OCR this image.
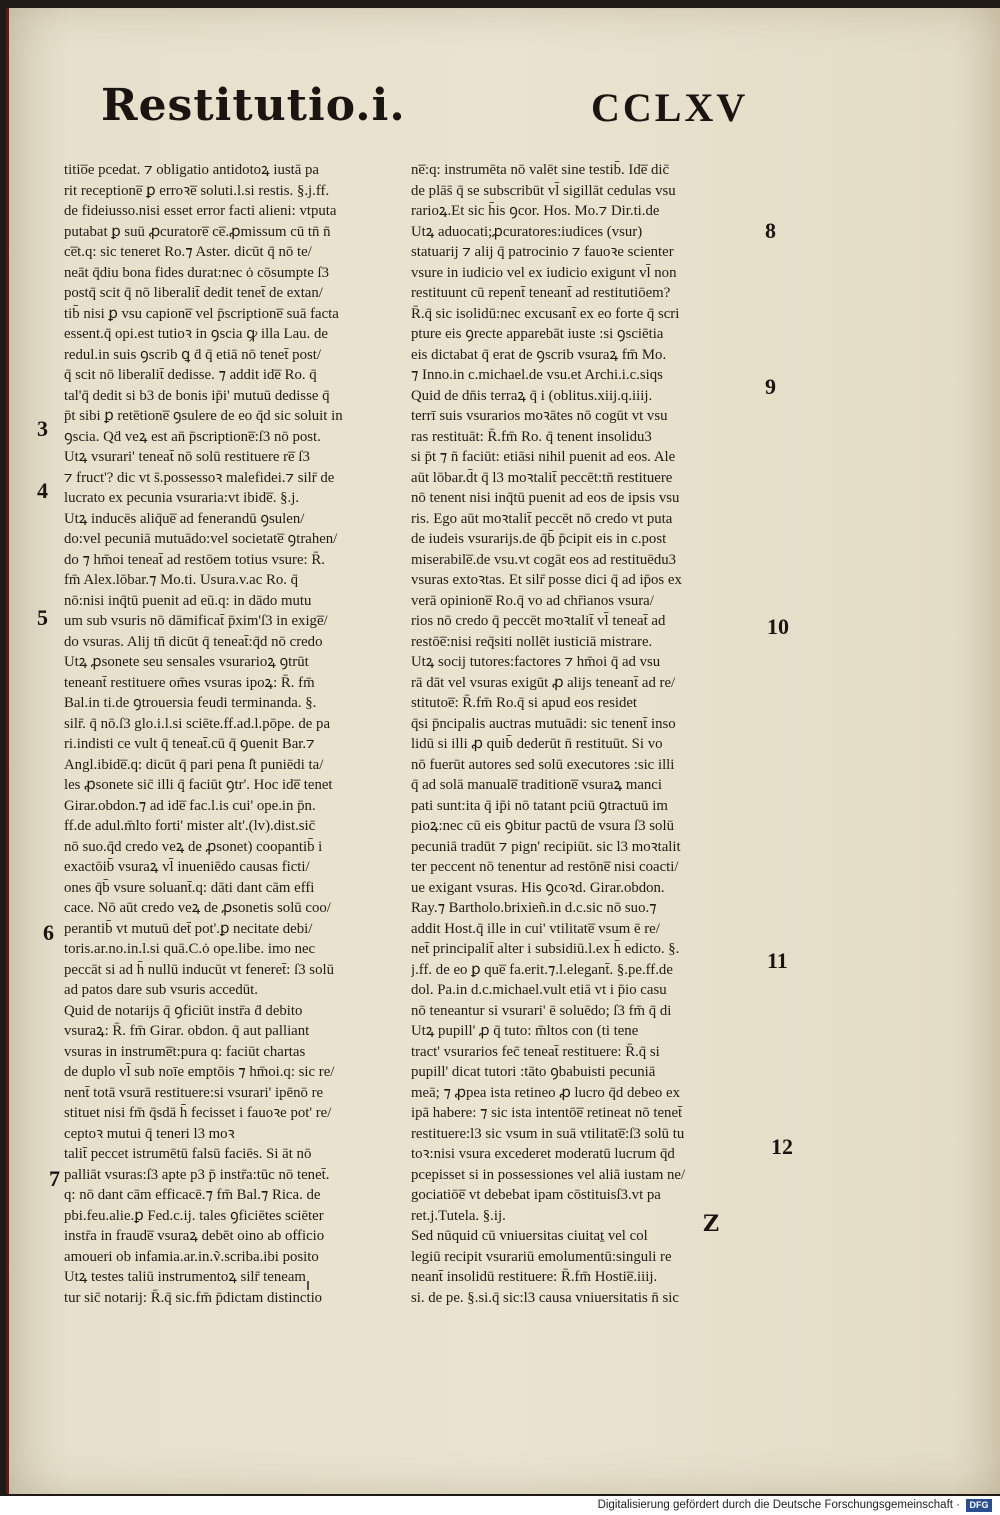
Restitutio.i.	CCLXV
titio̅e pcedat. ⁊ obligatio antidotoꝝ iustā pa
rit receptione̅ ꝑ erroꝛe̅ soluti.l.si restis. §.j.ff.
de fideiusso.nisi esset error facti alieni: vtputa
putabat ꝑ suū ꝓcuratore̅ ce̅.ꝓmissum cū tn̄ n̄
ce̅t.q: sic teneret Ro.⁊ Aster. dicūt q̄ nō te/
neāt q̄diu bona fides durat:nec ȯ cōsumpte ſ3
postq̄ scit q̄ nō liberalit̄ dedit tenet̄ de extan/
tib̄ nisi ꝑ vsu capione̅ vel p̄scriptione̅ suā facta
essent.q̄ opi.est tutioꝛ in ꝯscia ꝙ illa Lau. de
redul.in suis ꝯscrib ꝗ ḋ q̄ etiā nō tenet̄ post/
q̄ scit nō liberalit̄ dedisse. ⁊ addit ide̅ Ro. q̄
tal'q̄ dedit si b3 de bonis ip̄i' mutuū dedisse q̄
p̄t sibi ꝑ retētione̅ ꝯsulere de eo q̄d sic soluit in
ꝯscia. Qḋ veꝝ est an̄ p̄scriptione̅:ſ3 nō post.
Utꝝ vsurari' teneat̄ nō solū restituere re̅ ſ3
⁊ fruct'? dic vt s̄.possessoꝛ malefidei.⁊ silr̄ de
lucrato ex pecunia vsuraria:vt ibide̅. §.j.
Utꝝ inducēs aliq̄ue̅ ad fenerandū ꝯsulen/
do:vel pecuniā mutuādo:vel societate̅ ꝯtrahen/
do ⁊ hm̄oi teneat̄ ad restōem totius vsure: R̄.
fm̄ Alex.lōbar.⁊ Mo.ti. Usura.v.ac Ro. q̄
nō:nisi inq̄tū puenit ad eū.q: in dādo mutu
um sub vsuris nō dāmificat̄ p̄xim'ſ3 in exige̅/
do vsuras. Alij tn̄ dicūt q̄ teneat̄:q̄d nō credo
Utꝝ ꝓsonete seu sensales vsurarioꝝ ꝯtrūt
teneant̄ restituere om̄es vsuras ipoꝝ: R̄. fm̄
Bal.in ti.de ꝯtrouersia feudi terminanda. §.
silr̄. q̄ nō.ſ3 glo.i.l.si sciēte.ff.ad.l.pōpe. de pa
ri.indisti ce vult q̄ teneat̄.cū q̄ ꝯuenit Bar.⁊
Angl.ibide̅.q: dicūt q̄ pari pena ſ̄t puniēdi ta/
les ꝓsonete sic̄ illi q̄ faciūt ꝯtr'. Hoc ide̅ tenet
Girar.obdon.⁊ ad ide̅ fac.l.is cui' ope.in p̄n.
ff.de adul.m̄lto forti' mister alt'.(lv).dist.sic̄
nō suo.q̄d credo veꝝ de ꝓsonet) coopantib̄ i
exactōib̄ vsuraꝝ vl̄ inueniēdo causas ficti/
ones q̄b̄ vsure soluant̄.q: dāti dant cām effi
cace. Nō aūt credo veꝝ de ꝓsonetis solū coo/
perantib̄ vt mutuū det̄ pot'.ꝑ necitate debi/
toris.ar.no.in.l.si quā.C.ȯ ope.libe. imo nec
peccāt si ad h̄ nullū inducūt vt feneret̄: ſ3 solū
ad patos dare sub vsuris accedūt.
Quid de notarijs q̄ ꝯficiūt instr̄a ḋ debito
vsuraꝝ: R̄. fm̄ Girar. obdon. q̄ aut palliant
vsuras in instrume̅t:pura q: faciūt chartas
de duplo vl̄ sub noīe emptōis ⁊ hm̄oi.q: sic re/
nent̄ totā vsurā restituere:si vsurari' ipēnō re
stituet nisi fm̄ q̄sdā h̄ fecisset i fauoꝛe pot' re/
ceptoꝛ mutui q̄ teneri l3 moꝛ
talit̄ peccet istrumētū falsū faciēs. Si āt nō
palliāt vsuras:ſ3 apte p3 p̄ instr̄a:tūc nō tenet̄.
q: nō dant cām efficacē.⁊ fm̄ Bal.⁊ Rica. de
pbi.feu.alie.ꝑ Fed.c.ij. tales ꝯficiētes sciēter
instr̄a in fraude̅ vsuraꝝ debēt oino ab officio
amoueri ob infamia.ar.in.ṽ.scriba.ibi posito
Utꝝ testes taliū instrumentoꝝ silr̄ teneam
tur sic̄ notarij: R̄.q̄ sic.fm̄ p̄dictam distinctio
ne̅:q: instrumēta nō valēt sine testib̄. Ide̅ dic̄
de plās̄ q̄ se subscribūt vl̄ sigillāt cedulas vsu
rarioꝝ.Et sic h̄is ꝯcor. Hos. Mo.⁊ Dir.ti.de
Utꝝ aduocati;ꝓcuratores:iudices (vsur)
statuarij ⁊ alij q̄ patrocinio ⁊ fauoꝛe scienter
vsure in iudicio vel ex iudicio exigunt vl̄ non
restituunt cū repent̄ teneant̄ ad restitutiōem?
R̄.q̄ sic isolidū:nec excusant̄ ex eo forte q̄ scri
pture eis ꝯrecte apparebāt iuste :si ꝯsciētia
eis dictabat q̄ erat de ꝯscrib vsuraꝝ fm̄ Mo.
⁊ Inno.in c.michael.de vsu.et Archi.i.c.siqs
Quid de dn̄is terraꝝ q̄ i (oblitus.xiij.q.iiij.
terrī suis vsurarios moꝛātes nō cogūt vt vsu
ras restituāt: R̄.fm̄ Ro. q̄ tenent insolidu3
si p̄t ⁊ n̄ faciūt: etiāsi nihil puenit ad eos. Ale
aūt lōbar.d̄t q̄ l3 moꝛtalit̄ peccēt:tn̄ restituere
nō tenent nisi inq̄tū puenit ad eos de ipsis vsu
ris. Ego aūt moꝛtalit̄ peccēt nō credo vt puta
de iudeis vsurarijs.de q̄b̄ p̄cipit eis in c.post
miserabile̅.de vsu.vt cogāt eos ad restituēdu3
vsuras extoꝛtas. Et silr̄ posse dici q̄ ad ip̄os ex
verā opinione̅ Ro.q̄ vo ad chr̄ianos vsura/
rios nō credo q̄ peccēt moꝛtalit̄ vl̄ teneat̄ ad
restōe̅:nisi req̄siti nollēt iusticiā mistrare.
Utꝝ socij tutores:factores ⁊ hm̄oi q̄ ad vsu
rā dāt vel vsuras exigūt ꝓ alijs teneant̄ ad re/
stitutoe̅: R̄.fm̄ Ro.q̄ si apud eos residet
q̄si p̄ncipalis auctras mutuādi: sic tenent̄ inso
lidū si illi ꝓ quib̄ dederūt n̄ restituūt. Si vo
nō fuerūt autores sed solū executores :sic illi
q̄ ad solā manuale̅ traditione̅ vsuraꝝ manci
pati sunt:ita q̄ ip̄i nō tatant pciū ꝯtractuū im
pioꝝ:nec cū eis ꝯbitur pactū de vsura ſ3 solū
pecuniā tradūt ⁊ pign' recipiūt. sic l3 moꝛtalit
ter peccent nō tenentur ad restōne̅ nisi coacti/
ue exigant vsuras. His ꝯcoꝛd. Girar.obdon.
Ray.⁊ Bartholo.brixieñ.in d.c.sic nō suo.⁊
addit Host.q̄ ille in cui' vtilitate̅ vsum ē re/
net̄ principalit̄ alter i subsidiū.l.ex h̄ edicto. §.
j.ff. de eo ꝑ que̅ fa.erit.⁊.l.elegant̄. §.pe.ff.de
dol. Pa.in d.c.michael.vult etiā vt i p̄io casu
nō teneantur si vsurari' ē soluēdo; ſ3 fm̄ q̄ di
Utꝝ pupill' ꝓ q̄ tuto: m̄ltos con (ti tene
tract' vsurarios fec̄ teneat̄ restituere: R̄.q̄ si
pupill' dicat tutori :tāto ꝯbabuisti pecuniā
meā; ⁊ ꝓpea ista retineo ꝓ lucro q̄d debeo ex
ipā habere: ⁊ sic ista intentōe̅ retineat nō tenet̄
restituere:l3 sic vsum in suā vtilitate̅:ſ3 solū tu
toꝛ:nisi vsura excederet moderatū lucrum q̄d
pcepisset si in possessiones vel aliā iustam ne/
gociatiōe̅ vt debebat ipam cōstituisſ3.vt pa
ret.j.Tutela. §.ij.
Sed nūquid cū vniuersitas ciuitaṯ vel col
legiū recipit vsurariū emolumentū:singuli re
neant̄ insolidū restituere: R̄.fm̄ Hostie̅.iiij.
si. de pe. §.si.q̄ sic:l3 causa vniuersitatis n̄ sic
3
4
5
6
7
8
9
10
11
12
Z
Digitalisierung gefördert durch die Deutsche Forschungsgemeinschaft ·	DFG
